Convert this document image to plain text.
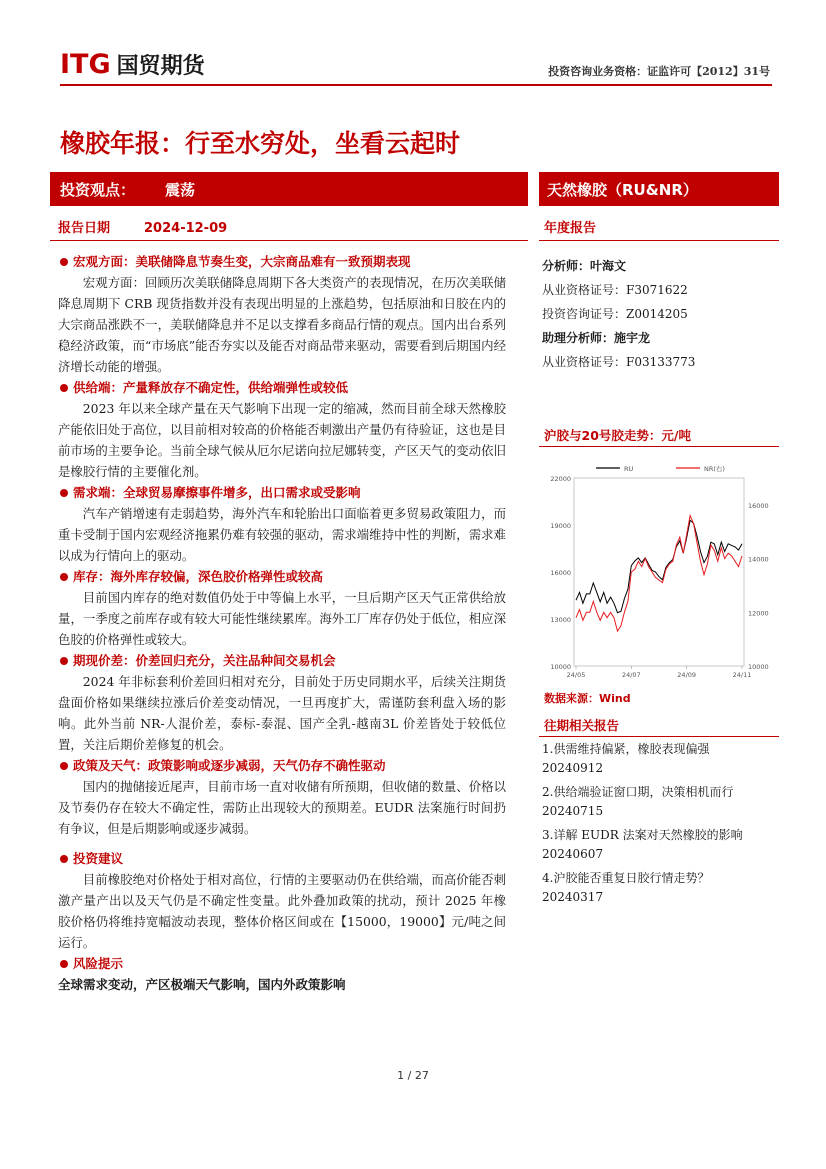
ITG 国贸期货	投资咨询业务资格：证监许可【2012】31号
橡胶年报：行至水穷处，坐看云起时
投资观点： 震荡	天然橡胶（RU&NR）
报告日期	2024-12-09	年度报告
宏观方面：美联储降息节奏生变，大宗商品难有一致预期表现
宏观方面：回顾历次美联储降息周期下各大类资产的表现情况，在历次美联储降息周期下 CRB 现货指数并没有表现出明显的上涨趋势，包括原油和日胶在内的大宗商品涨跌不一，美联储降息并不足以支撑看多商品行情的观点。国内出台系列稳经济政策，而“市场底”能否夯实以及能否对商品带来驱动，需要看到后期国内经济增长动能的增强。
供给端：产量释放存不确定性，供给端弹性或较低
2023 年以来全球产量在天气影响下出现一定的缩减，然而目前全球天然橡胶产能依旧处于高位，以目前相对较高的价格能否刺激出产量仍有待验证，这也是目前市场的主要争论。当前全球气候从厄尔尼诺向拉尼娜转变，产区天气的变动依旧是橡胶行情的主要催化剂。
需求端：全球贸易摩擦事件增多，出口需求或受影响
汽车产销增速有走弱趋势，海外汽车和轮胎出口面临着更多贸易政策阻力，而重卡受制于国内宏观经济拖累仍难有较强的驱动，需求端维持中性的判断，需求难以成为行情向上的驱动。
库存：海外库存较偏，深色胶价格弹性或较高
目前国内库存的绝对数值仍处于中等偏上水平，一旦后期产区天气正常供给放量，一季度之前库存或有较大可能性继续累库。海外工厂库存仍处于低位，相应深色胶的价格弹性或较大。
期现价差：价差回归充分，关注品种间交易机会
2024 年非标套利价差回归相对充分，目前处于历史同期水平，后续关注期货盘面价格如果继续拉涨后价差变动情况，一旦再度扩大，需谨防套利盘入场的影响。此外当前 NR-人混价差，泰标-泰混、国产全乳-越南3L 价差皆处于较低位置，关注后期价差修复的机会。
政策及天气：政策影响或逐步减弱，天气仍存不确性驱动
国内的抛储接近尾声，目前市场一直对收储有所预期，但收储的数量、价格以及节奏仍存在较大不确定性，需防止出现较大的预期差。EUDR 法案施行时间扔有争议，但是后期影响或逐步减弱。
投资建议
目前橡胶绝对价格处于相对高位，行情的主要驱动仍在供给端，而高价能否刺激产量产出以及天气仍是不确定性变量。此外叠加政策的扰动，预计 2025 年橡胶价格仍将维持宽幅波动表现，整体价格区间或在【15000，19000】元/吨之间运行。
风险提示
全球需求变动，产区极端天气影响，国内外政策影响
分析师：叶海文
从业资格证号：F3071622
投资咨询证号：Z0014205
助理分析师：施宇龙
从业资格证号：F03133773
沪胶与20号胶走势：元/吨
10000
13000
16000
19000
22000
10000
12000
14000
16000
24/05	24/07	24/09	24/11
RU	NR(右)
数据来源：Wind
往期相关报告
1.供需维持偏紧，橡胶表现偏强
20240912
2.供给端验证窗口期，决策相机而行
20240715
3.详解 EUDR 法案对天然橡胶的影响
20240607
4.沪胶能否重复日胶行情走势？
20240317
1 / 27
